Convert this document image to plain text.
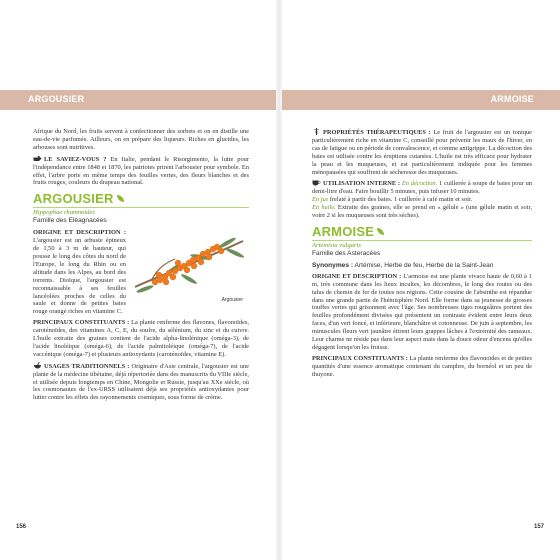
ARGOUSIER	ARMOISE

Afrique du Nord, les fruits servent à confectionner des sorbets et on en distille une eau-de-vie parfumée. Ailleurs, on en prépare des liqueurs. Riches en glucides, les arbouses sont nutritives.

LE SAVIEZ-VOUS ? En Italie, pendant le Risorgimento, la lutte pour l'indépendance entre 1848 et 1870, les patriotes prirent l'arbousier pour symbole. En effet, l'arbre porte en même temps des feuilles vertes, des fleurs blanches et des fruits rouges, couleurs du drapeau national.

ARGOUSIER
Hippophae rhamnoides
Famille des Eléagnacées
Argousier

ORIGINE ET DESCRIPTION : L'argousier est un arbuste épineux de 1,50 à 3 m de hauteur, qui pousse le long des côtes du nord de l'Europe, le long du Rhin ou en altitude dans les Alpes, au bord des torrents. Dioïque, l'argousier est reconnaissable à ses feuilles lancéolées proches de celles du saule et donne de petites baies rouge orangé riches en vitamine C.

PRINCIPAUX CONSTITUANTS : La plante renferme des flavones, flavonoïdes, caroténoïdes, des vitamines A, C, E, du soufre, du sélénium, du zinc et du cuivre. L'huile extraite des graines contient de l'acide alpha-linolénique (oméga-3), de l'acide linoléique (oméga-6), de l'acide palmitoléique (oméga-7), de l'acide vaccénique (oméga-7) et plusieurs antioxydants (caroténoïdes, vitamine E).

USAGES TRADITIONNELS : Originaire d'Asie centrale, l'argousier est une plante de la médecine tibétaine, déjà répertoriée dans des manuscrits du VIIIe siècle, et utilisée depuis longtemps en Chine, Mongolie et Russie, jusqu'au XXe siècle, où les cosmonautes de l'ex-URSS utilisaient déjà ses propriétés antioxydantes pour lutter contre les effets des rayonnements cosmiques, sous forme de crème.

PROPRIÉTÉS THÉRAPEUTIQUES : Le fruit de l'argousier est un tonique particulièrement riche en vitamine C, conseillé pour prévenir les maux de l'hiver, en cas de fatigue ou en période de convalescence, et comme antigrippe. La décoction des baies est utilisée contre les éruptions cutanées. L'huile est très efficace pour hydrater la peau et les muqueuses, et est particulièrement indiquée pour les femmes ménopausées qui souffrent de sécheresse des muqueuses.

UTILISATION INTERNE : En décoction. 1 cuillerée à soupe de baies pour un demi-litre d'eau. Faire bouillir 5 minutes, puis infuser 10 minutes.
En jus frelaté à partir des baies. 1 cuillerée à café matin et soir.
En huile. Extraite des graines, elle se prend en « gélule » (une gélule matin et soir, voire 2 si les muqueuses sont très sèches).

ARMOISE
Artemisia vulgaris
Famille des Asteracées
Synonymes : Artémise, Herbe de feu, Herbe de la Saint-Jean

ORIGINE ET DESCRIPTION : L'armoise est une plante vivace haute de 0,60 à 1 m, très commune dans les lieux incultes, les décombres, le long des routes ou des talus de chemin de fer de toutes nos régions. Cette cousine de l'absinthe est répandue dans une grande partie de l'hémisphère Nord. Elle forme dans sa jeunesse de grosses touffes vertes qui grisonnent avec l'âge. Ses nombreuses tiges rougeâtres portent des feuilles profondément divisées qui présentent un contraste évident entre leurs deux faces, d'un vert foncé, et inférieure, blanchâtre et cotonneuse. De juin à septembre, les minuscules fleurs vert jaunâtre étirent leurs grappes lâches à l'extrémité des rameaux. Leur charme ne réside pas dans leur aspect mais dans la douce odeur d'encens qu'elles dégagent lorsqu'on les froisse.

PRINCIPAUX CONSTITUANTS : La plante renferme des flavonoïdes et de petites quantités d'une essence aromatique contenant du camphre, du bornéol et un peu de thuyone.

156	157
